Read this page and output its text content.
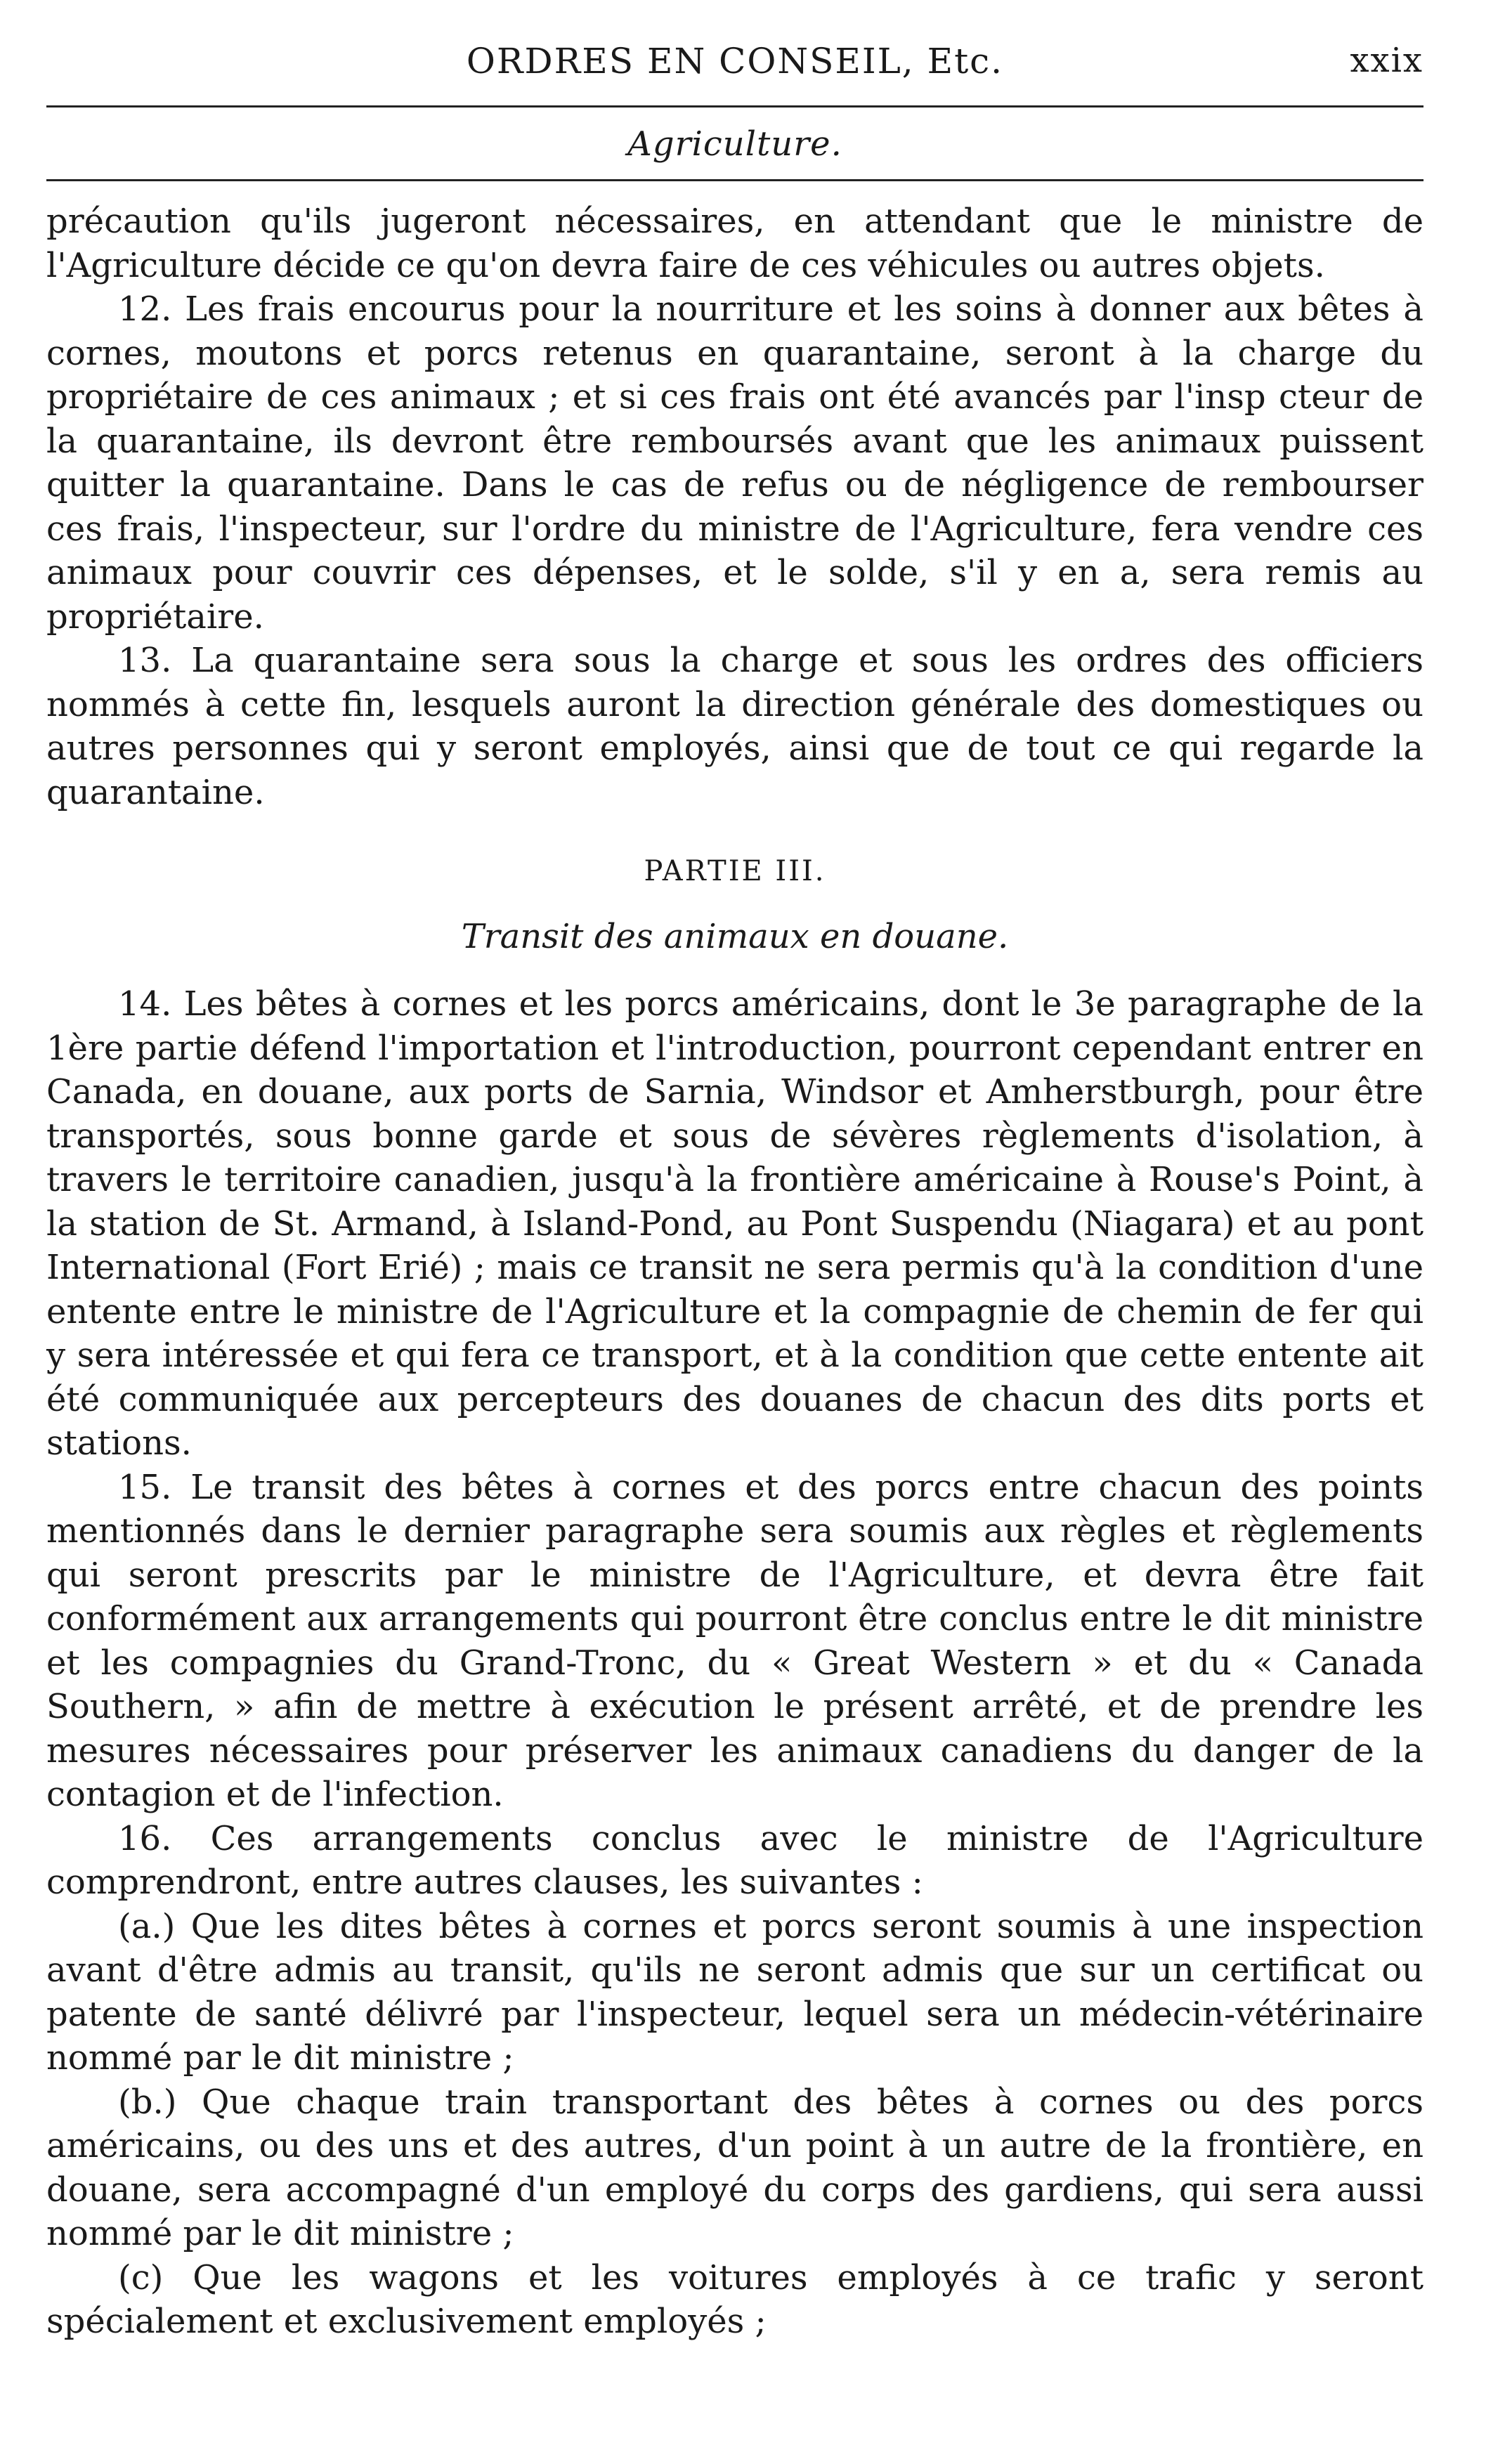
ORDRES EN CONSEIL, Etc.	xxix
Agriculture.

précaution qu'ils jugeront nécessaires, en attendant que le ministre de l'Agriculture décide ce qu'on devra faire de ces véhicules ou autres objets.

12. Les frais encourus pour la nourriture et les soins à donner aux bêtes à cornes, moutons et porcs retenus en quarantaine, seront à la charge du propriétaire de ces animaux ; et si ces frais ont été avancés par l'insp cteur de la quarantaine, ils devront être remboursés avant que les animaux puissent quitter la quarantaine. Dans le cas de refus ou de négligence de rembourser ces frais, l'inspecteur, sur l'ordre du ministre de l'Agriculture, fera vendre ces animaux pour couvrir ces dépenses, et le solde, s'il y en a, sera remis au propriétaire.

13. La quarantaine sera sous la charge et sous les ordres des officiers nommés à cette fin, lesquels auront la direction générale des domestiques ou autres personnes qui y seront employés, ainsi que de tout ce qui regarde la quarantaine.

PARTIE III.
Transit des animaux en douane.

14. Les bêtes à cornes et les porcs américains, dont le 3e paragraphe de la 1ère partie défend l'importation et l'introduction, pourront cependant entrer en Canada, en douane, aux ports de Sarnia, Windsor et Amherstburgh, pour être transportés, sous bonne garde et sous de sévères règlements d'isolation, à travers le territoire canadien, jusqu'à la frontière américaine à Rouse's Point, à la station de St. Armand, à Island-Pond, au Pont Suspendu (Niagara) et au pont International (Fort Erié) ; mais ce transit ne sera permis qu'à la condition d'une entente entre le ministre de l'Agriculture et la compagnie de chemin de fer qui y sera intéressée et qui fera ce transport, et à la condition que cette entente ait été communiquée aux percepteurs des douanes de chacun des dits ports et stations.

15. Le transit des bêtes à cornes et des porcs entre chacun des points mentionnés dans le dernier paragraphe sera soumis aux règles et règlements qui seront prescrits par le ministre de l'Agriculture, et devra être fait conformément aux arrangements qui pourront être conclus entre le dit ministre et les compagnies du Grand-Tronc, du « Great Western » et du « Canada Southern, » afin de mettre à exécution le présent arrêté, et de prendre les mesures nécessaires pour préserver les animaux canadiens du danger de la contagion et de l'infection.

16. Ces arrangements conclus avec le ministre de l'Agriculture comprendront, entre autres clauses, les suivantes :

(a.) Que les dites bêtes à cornes et porcs seront soumis à une inspection avant d'être admis au transit, qu'ils ne seront admis que sur un certificat ou patente de santé délivré par l'inspecteur, lequel sera un médecin-vétérinaire nommé par le dit ministre ;

(b.) Que chaque train transportant des bêtes à cornes ou des porcs américains, ou des uns et des autres, d'un point à un autre de la frontière, en douane, sera accompagné d'un employé du corps des gardiens, qui sera aussi nommé par le dit ministre ;

(c) Que les wagons et les voitures employés à ce trafic y seront spécialement et exclusivement employés ;
